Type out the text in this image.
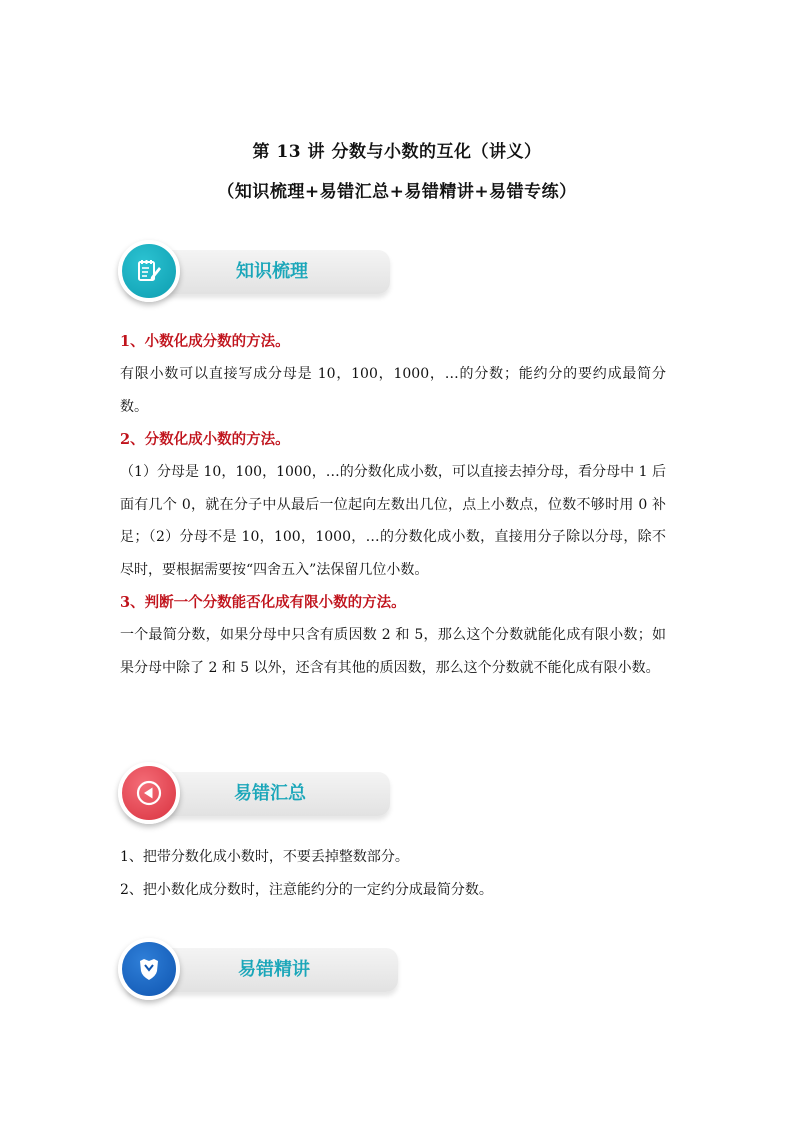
第 13 讲 分数与小数的互化（讲义）
（知识梳理+易错汇总+易错精讲+易错专练）
知识梳理

1、小数化成分数的方法。

有限小数可以直接写成分母是 10，100，1000，…的分数；能约分的要约成最简分数。

2、分数化成小数的方法。

（1）分母是 10，100，1000，…的分数化成小数，可以直接去掉分母，看分母中 1 后面有几个 0，就在分子中从最后一位起向左数出几位，点上小数点，位数不够时用 0 补足；（2）分母不是 10，100，1000，…的分数化成小数，直接用分子除以分母，除不尽时，要根据需要按“四舍五入”法保留几位小数。

3、判断一个分数能否化成有限小数的方法。

一个最简分数，如果分母中只含有质因数 2 和 5，那么这个分数就能化成有限小数；如果分母中除了 2 和 5 以外，还含有其他的质因数，那么这个分数就不能化成有限小数。

易错汇总

1、把带分数化成小数时，不要丢掉整数部分。

2、把小数化成分数时，注意能约分的一定约分成最简分数。

易错精讲
